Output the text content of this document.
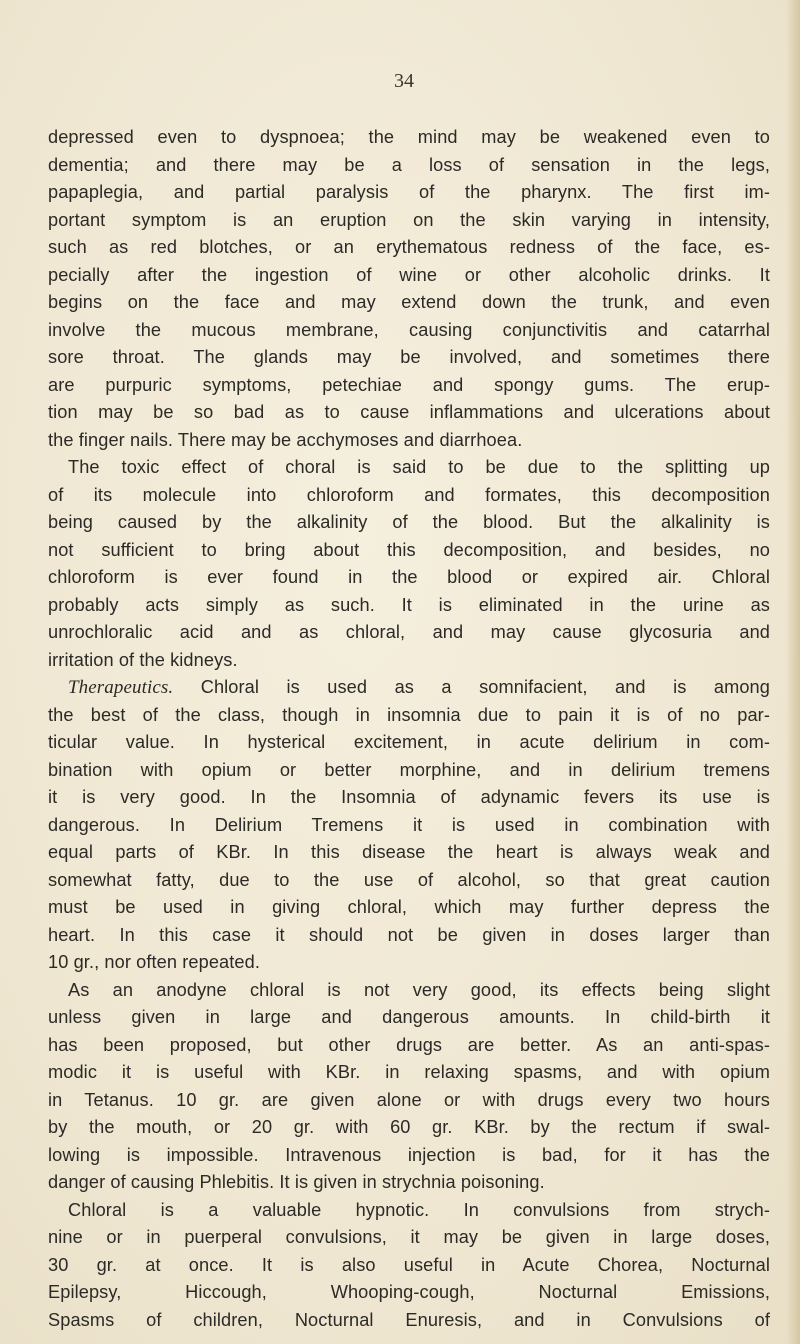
34
depressed even to dyspnoea; the mind may be weakened even to
dementia; and there may be a loss of sensation in the legs,
papaplegia, and partial paralysis of the pharynx. The first im-
portant symptom is an eruption on the skin varying in intensity,
such as red blotches, or an erythematous redness of the face, es-
pecially after the ingestion of wine or other alcoholic drinks. It
begins on the face and may extend down the trunk, and even
involve the mucous membrane, causing conjunctivitis and catarrhal
sore throat. The glands may be involved, and sometimes there
are purpuric symptoms, petechiae and spongy gums. The erup-
tion may be so bad as to cause inflammations and ulcerations about
the finger nails. There may be acchymoses and diarrhoea.
The toxic effect of choral is said to be due to the splitting up
of its molecule into chloroform and formates, this decomposition
being caused by the alkalinity of the blood. But the alkalinity is
not sufficient to bring about this decomposition, and besides, no
chloroform is ever found in the blood or expired air. Chloral
probably acts simply as such. It is eliminated in the urine as
unrochloralic acid and as chloral, and may cause glycosuria and
irritation of the kidneys.
Therapeutics. Chloral is used as a somnifacient, and is among
the best of the class, though in insomnia due to pain it is of no par-
ticular value. In hysterical excitement, in acute delirium in com-
bination with opium or better morphine, and in delirium tremens
it is very good. In the Insomnia of adynamic fevers its use is
dangerous. In Delirium Tremens it is used in combination with
equal parts of KBr. In this disease the heart is always weak and
somewhat fatty, due to the use of alcohol, so that great caution
must be used in giving chloral, which may further depress the
heart. In this case it should not be given in doses larger than
10 gr., nor often repeated.
As an anodyne chloral is not very good, its effects being slight
unless given in large and dangerous amounts. In child-birth it
has been proposed, but other drugs are better. As an anti-spas-
modic it is useful with KBr. in relaxing spasms, and with opium
in Tetanus. 10 gr. are given alone or with drugs every two hours
by the mouth, or 20 gr. with 60 gr. KBr. by the rectum if swal-
lowing is impossible. Intravenous injection is bad, for it has the
danger of causing Phlebitis. It is given in strychnia poisoning.
Chloral is a valuable hypnotic. In convulsions from strych-
nine or in puerperal convulsions, it may be given in large doses,
30 gr. at once. It is also useful in Acute Chorea, Nocturnal
Epilepsy, Hiccough, Whooping-cough, Nocturnal Emissions,
Spasms of children, Nocturnal Enuresis, and in Convulsions of
